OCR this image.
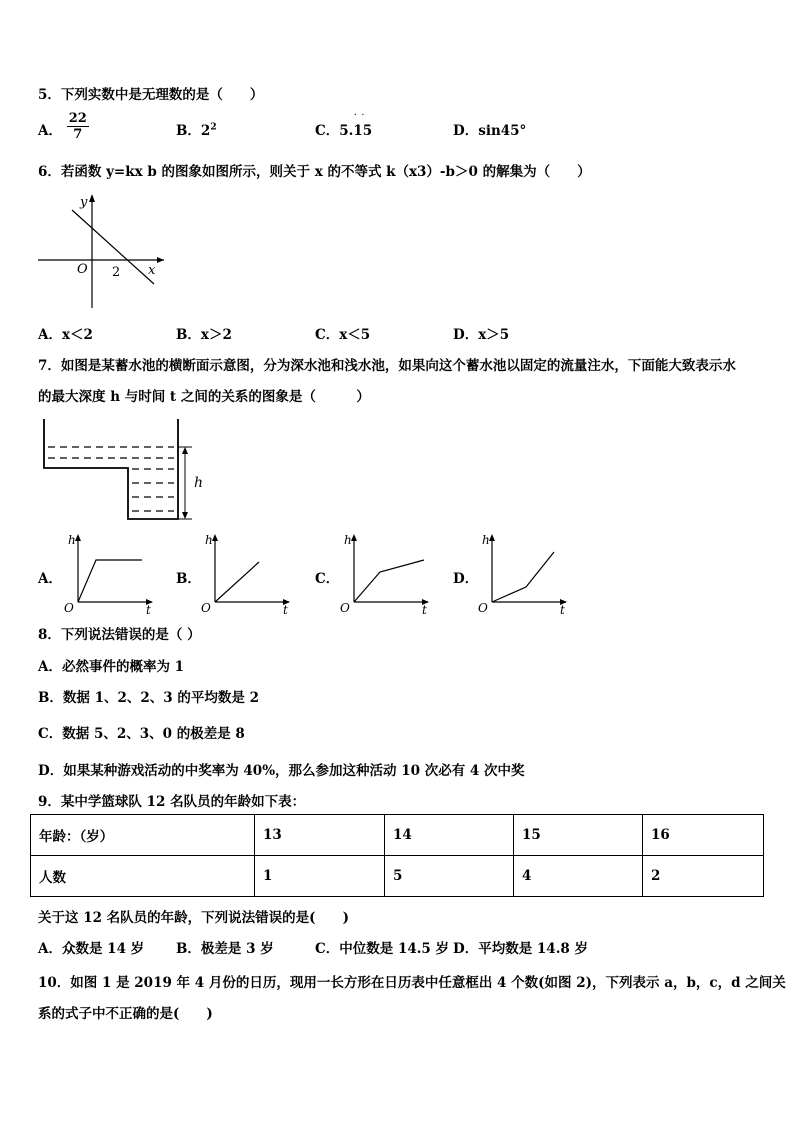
5．下列实数中是无理数的是（　　）
A． $\frac{22}{7}$	B．$2^2$	C．5.15
˙ ˙
D．sin45°
6．若函数 y=kx b 的图象如图所示，则关于 x 的不等式 k（x3）-b＞0 的解集为（　　）
y
x
O 2
A．x＜2	B．x＞2	C．x＜5	D．x＞5
7．如图是某蓄水池的横断面示意图，分为深水池和浅水池，如果向这个蓄水池以固定的流量注水，下面能大致表示水
的最大深度 h 与时间 t 之间的关系的图象是（　　　）
h
A．	B．	C．	D．
h
O	t
h
O	t
h
O	t
h
O	t
8．下列说法错误的是（ ）
A．必然事件的概率为 1
B．数据 1、2、2、3 的平均数是 2
C．数据 5、2、3、0 的极差是 8
D．如果某种游戏活动的中奖率为 40%，那么参加这种活动 10 次必有 4 次中奖
9．某中学篮球队 12 名队员的年龄如下表：
年龄：（岁）	13	14	15	16
人数	1	5	4	2
关于这 12 名队员的年龄，下列说法错误的是(　　)
A．众数是 14 岁 B．极差是 3 岁	C．中位数是 14.5 岁 D．平均数是 14.8 岁
10．如图 1 是 2019 年 4 月份的日历，现用一长方形在日历表中任意框出 4 个数(如图 2)，下列表示 a，b，c，d 之间关
系的式子中不正确的是(　　)
